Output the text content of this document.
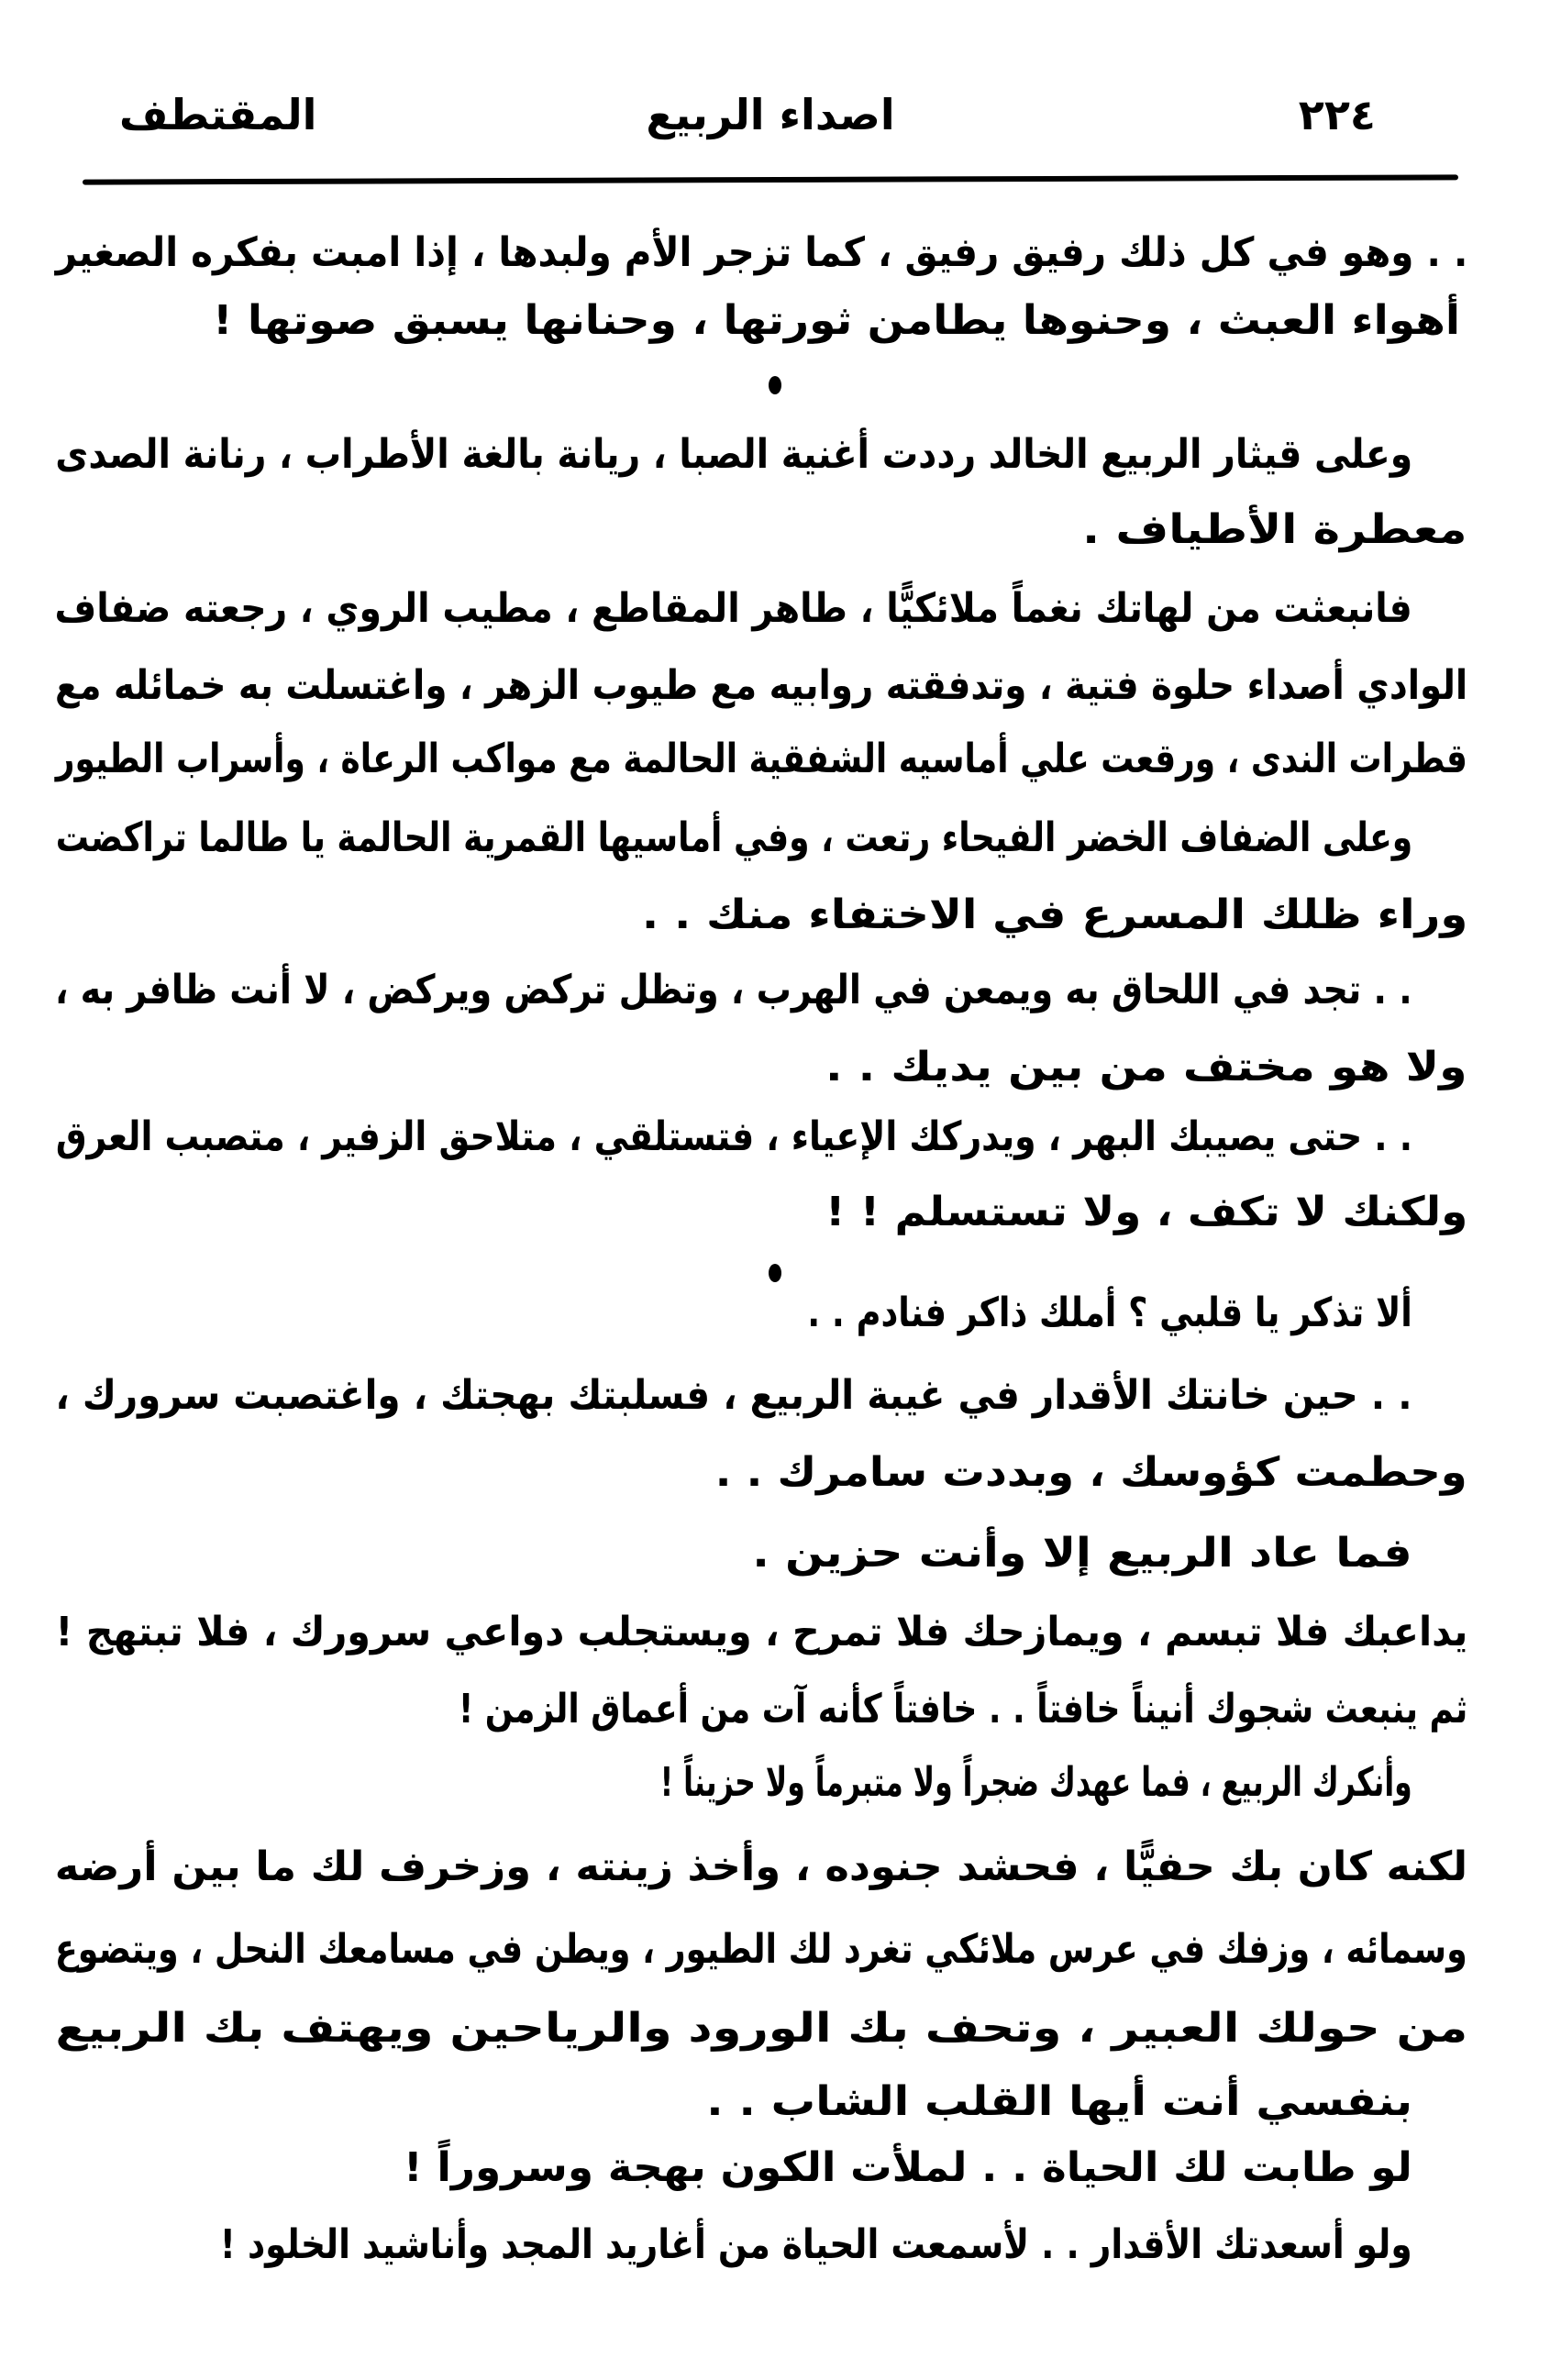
٢٢٤
اصداء الربيع
المقتطف
. . وهو في كل ذلك رفيق رفيق ، كما تزجر الأم ولبدها ، إذا امبت بفكره الصغير
أهواء العبث ، وحنوها يطامن ثورتها ، وحنانها يسبق صوتها !
وعلى قيثار الربيع الخالد رددت أغنية الصبا ، ريانة بالغة الأطراب ، رنانة الصدى
معطرة الأطياف .
فانبعثت من لهاتك نغماً ملائكيًّا ، طاهر المقاطع ، مطيب الروي ، رجعته ضفاف
الوادي أصداء حلوة فتية ، وتدفقته روابيه مع طيوب الزهر ، واغتسلت به خمائله مع
قطرات الندى ، ورقعت علي أماسيه الشفقية الحالمة مع مواكب الرعاة ، وأسراب الطيور
وعلى الضفاف الخضر الفيحاء رتعت ، وفي أماسيها القمرية الحالمة يا طالما تراكضت
وراء ظلك المسرع في الاختفاء منك . .
. . تجد في اللحاق به ويمعن في الهرب ، وتظل تركض ويركض ، لا أنت ظافر به ،
ولا هو مختف من بين يديك . .
. . حتى يصيبك البهر ، ويدركك الإعياء ، فتستلقي ، متلاحق الزفير ، متصبب العرق
ولكنك لا تكف ، ولا تستسلم ! !
ألا تذكر يا قلبي ؟ أملك ذاكر فنادم . .
. . حين خانتك الأقدار في غيبة الربيع ، فسلبتك بهجتك ، واغتصبت سرورك ،
وحطمت كؤوسك ، وبددت سامرك . .
فما عاد الربيع إلا وأنت حزين .
يداعبك فلا تبسم ، ويمازحك فلا تمرح ، ويستجلب دواعي سرورك ، فلا تبتهج !
ثم ينبعث شجوك أنيناً خافتاً . . خافتاً كأنه آت من أعماق الزمن !
وأنكرك الربيع ، فما عهدك ضجراً ولا متبرماً ولا حزيناً !
لكنه كان بك حفيًّا ، فحشد جنوده ، وأخذ زينته ، وزخرف لك ما بين أرضه
وسمائه ، وزفك في عرس ملائكي تغرد لك الطيور ، ويطن في مسامعك النحل ، ويتضوع
من حولك العبير ، وتحف بك الورود والرياحين ويهتف بك الربيع
بنفسي أنت أيها القلب الشاب . .
لو طابت لك الحياة . . لملأت الكون بهجة وسروراً !
ولو أسعدتك الأقدار . . لأسمعت الحياة من أغاريد المجد وأناشيد الخلود !
